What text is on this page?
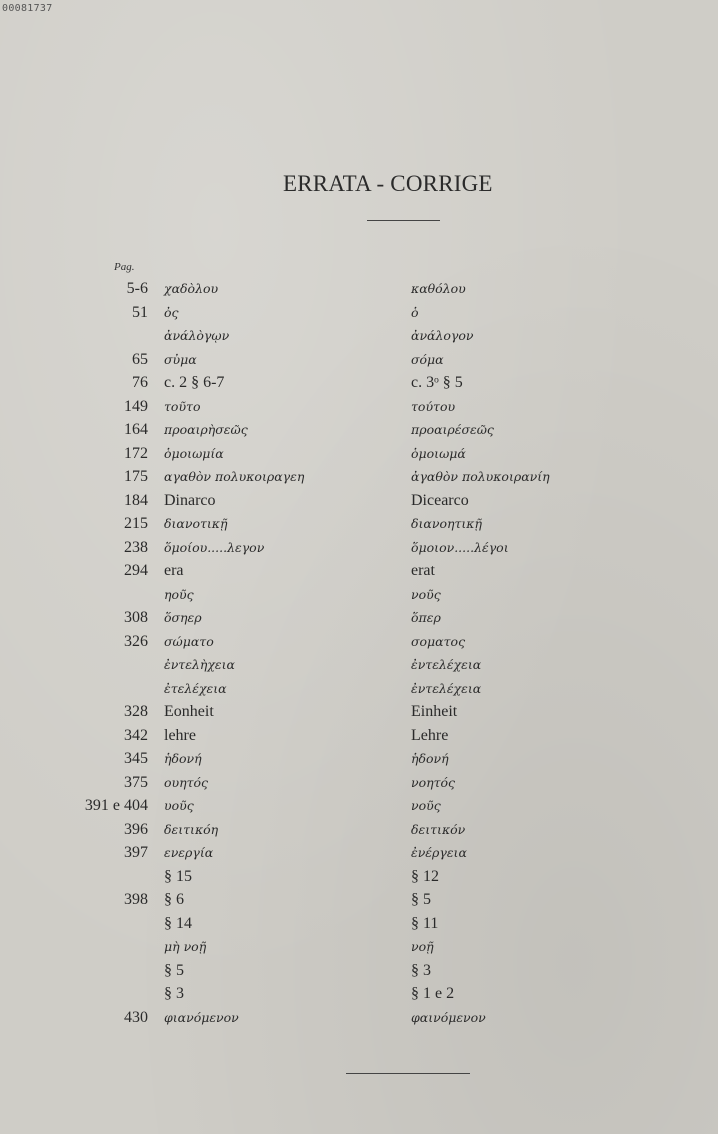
00081737
ERRATA - CORRIGE
Pag.
5-6 χαδὸλου	καθόλου
51 ὀς	ὁ
ἀνάλὸγῳν	ἀνάλογον
65 σὐμα	σόμα
76 c. 2 § 6-7	c. 3ᵒ § 5
149 τοῦτο	τούτου
164 προαιρὴσεῶς	προαιρέσεῶς
172 ὁμοιωμία	ὁμοιωμά
175 αγαθὸν πολυκοιραγεη	ἀγαθὸν πολυκοιρανίη
184 Dinarco	Dicearco
215 διανοτικῇ	διανοητικῇ
238 ὅμοίου.....λεγον	ὅμοιον.....λέγοι
294 era	erat
ηοῦς	νοῦς
308 ὅσηερ	ὅπερ
326 σώματο	σοματος
ἐντελὴχεια	ἐντελέχεια
ἐτελέχεια	ἐντελέχεια
328 Eonheit	Einheit
342 lehre	Lehre
345 ἡδονή	ἡδονή
375 ουητός	νοητός
391 e 404 υοῦς	νοῦς
396 δειτικόη	δειτικόν
397 ενεργία	ἐνέργεια
§ 15	§ 12
398 § 6	§ 5
§ 14	§ 11
μὴ νοῇ	νοῇ
§ 5	§ 3
§ 3	§ 1 e 2
430 φιανόμενον	φαινόμενον
